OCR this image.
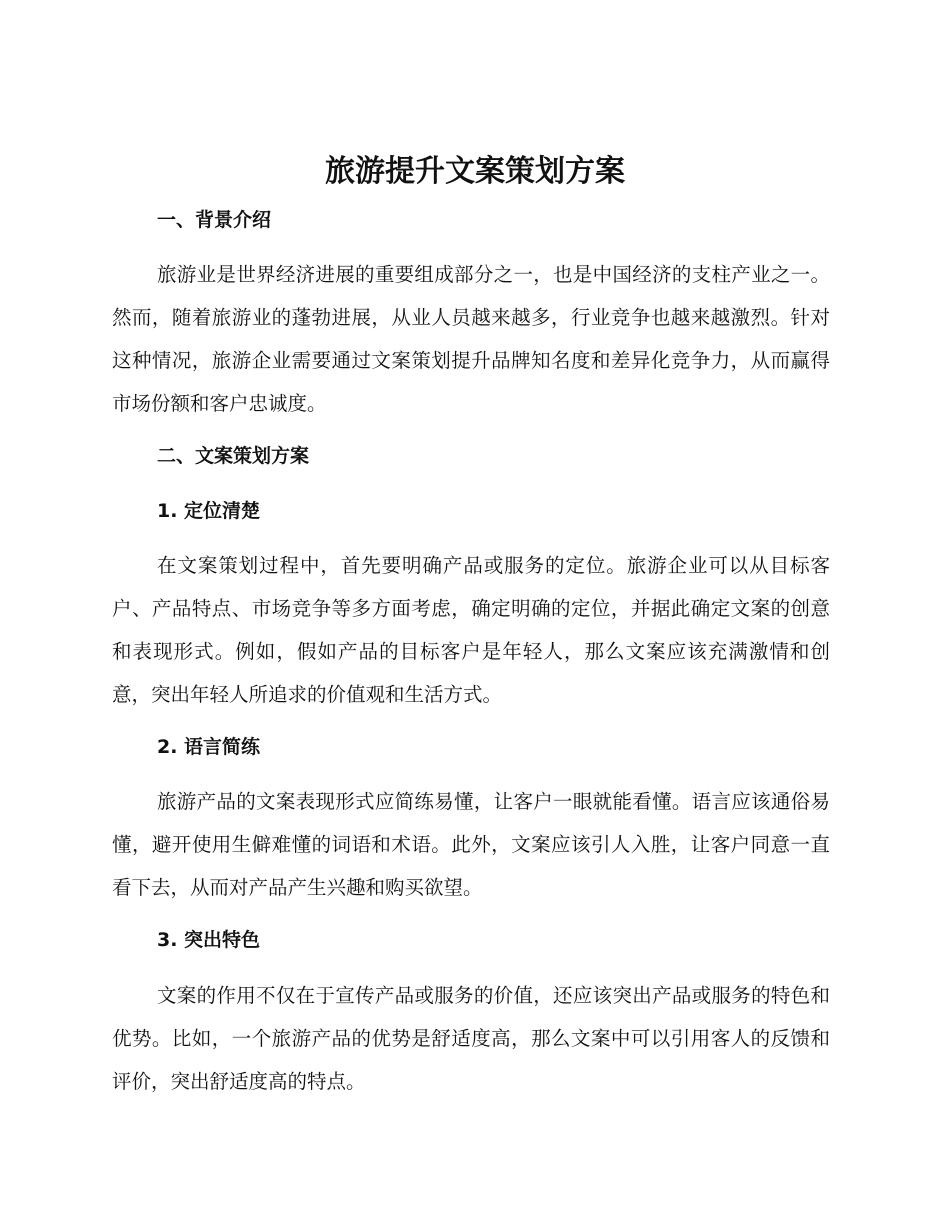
旅游提升文案策划方案
一、背景介绍

旅游业是世界经济进展的重要组成部分之一，也是中国经济的支柱产业之一。然而，随着旅游业的蓬勃进展，从业人员越来越多，行业竞争也越来越激烈。针对这种情况，旅游企业需要通过文案策划提升品牌知名度和差异化竞争力，从而赢得市场份额和客户忠诚度。

二、文案策划方案
1. 定位清楚

在文案策划过程中，首先要明确产品或服务的定位。旅游企业可以从目标客户、产品特点、市场竞争等多方面考虑，确定明确的定位，并据此确定文案的创意和表现形式。例如，假如产品的目标客户是年轻人，那么文案应该充满激情和创意，突出年轻人所追求的价值观和生活方式。

2. 语言简练

旅游产品的文案表现形式应简练易懂，让客户一眼就能看懂。语言应该通俗易懂，避开使用生僻难懂的词语和术语。此外，文案应该引人入胜，让客户同意一直看下去，从而对产品产生兴趣和购买欲望。

3. 突出特色

文案的作用不仅在于宣传产品或服务的价值，还应该突出产品或服务的特色和优势。比如，一个旅游产品的优势是舒适度高，那么文案中可以引用客人的反馈和评价，突出舒适度高的特点。
